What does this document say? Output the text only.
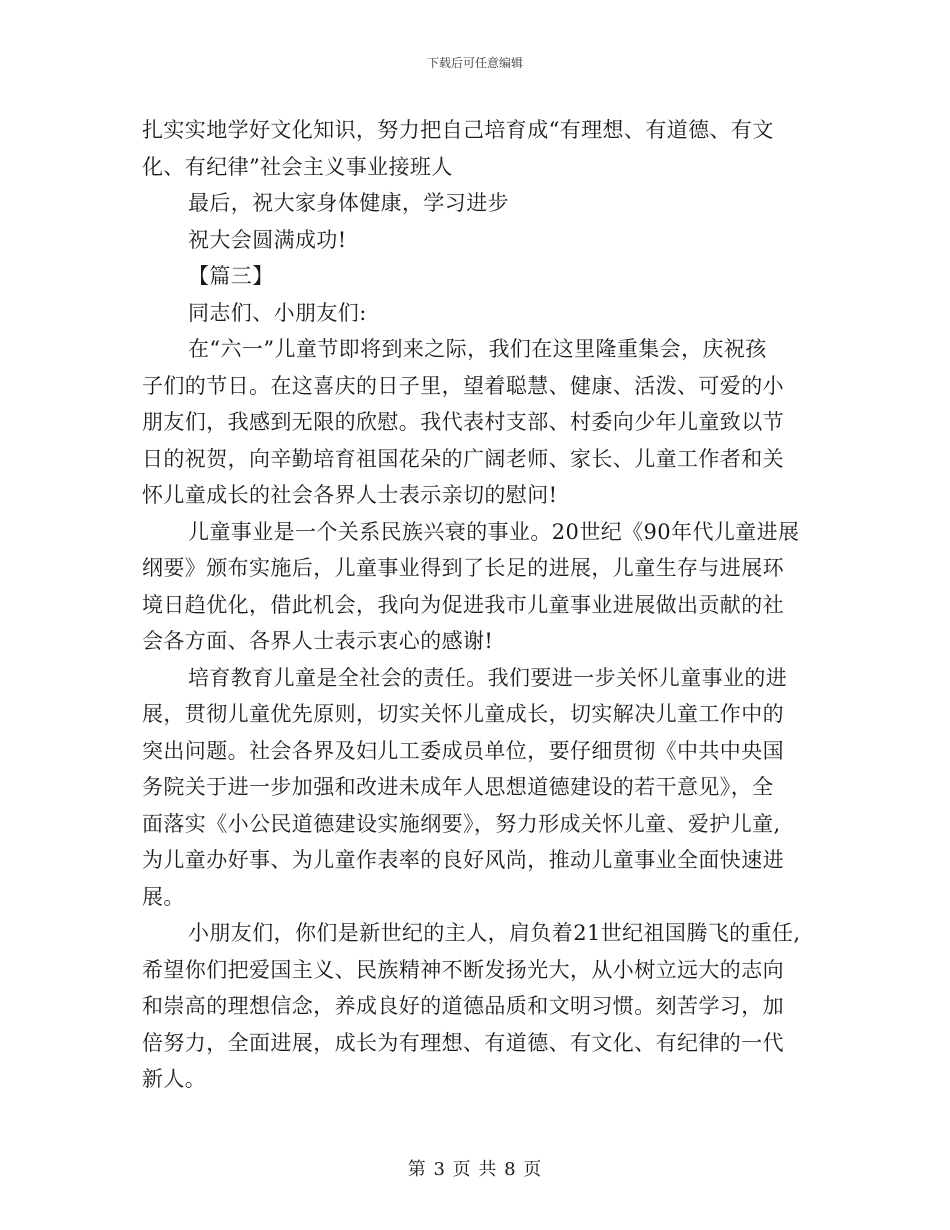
下载后可任意编辑
扎实实地学好文化知识，努力把自己培育成“有理想、有道德、有文
化、有纪律”社会主义事业接班人
最后，祝大家身体健康，学习进步
祝大会圆满成功!
【篇三】
同志们、小朋友们:
在“六一”儿童节即将到来之际，我们在这里隆重集会，庆祝孩
子们的节日。在这喜庆的日子里，望着聪慧、健康、活泼、可爱的小
朋友们，我感到无限的欣慰。我代表村支部、村委向少年儿童致以节
日的祝贺，向辛勤培育祖国花朵的广阔老师、家长、儿童工作者和关
怀儿童成长的社会各界人士表示亲切的慰问!
儿童事业是一个关系民族兴衰的事业。20世纪《90年代儿童进展
纲要》颁布实施后，儿童事业得到了长足的进展，儿童生存与进展环
境日趋优化，借此机会，我向为促进我市儿童事业进展做出贡献的社
会各方面、各界人士表示衷心的感谢!
培育教育儿童是全社会的责任。我们要进一步关怀儿童事业的进
展，贯彻儿童优先原则，切实关怀儿童成长，切实解决儿童工作中的
突出问题。社会各界及妇儿工委成员单位，要仔细贯彻《中共中央国
务院关于进一步加强和改进未成年人思想道德建设的若干意见》，全
面落实《小公民道德建设实施纲要》，努力形成关怀儿童、爱护儿童,
为儿童办好事、为儿童作表率的良好风尚，推动儿童事业全面快速进
展。
小朋友们，你们是新世纪的主人，肩负着21世纪祖国腾飞的重任,
希望你们把爱国主义、民族精神不断发扬光大，从小树立远大的志向
和崇高的理想信念，养成良好的道德品质和文明习惯。刻苦学习，加
倍努力，全面进展，成长为有理想、有道德、有文化、有纪律的一代
新人。
第 3 页 共 8 页
